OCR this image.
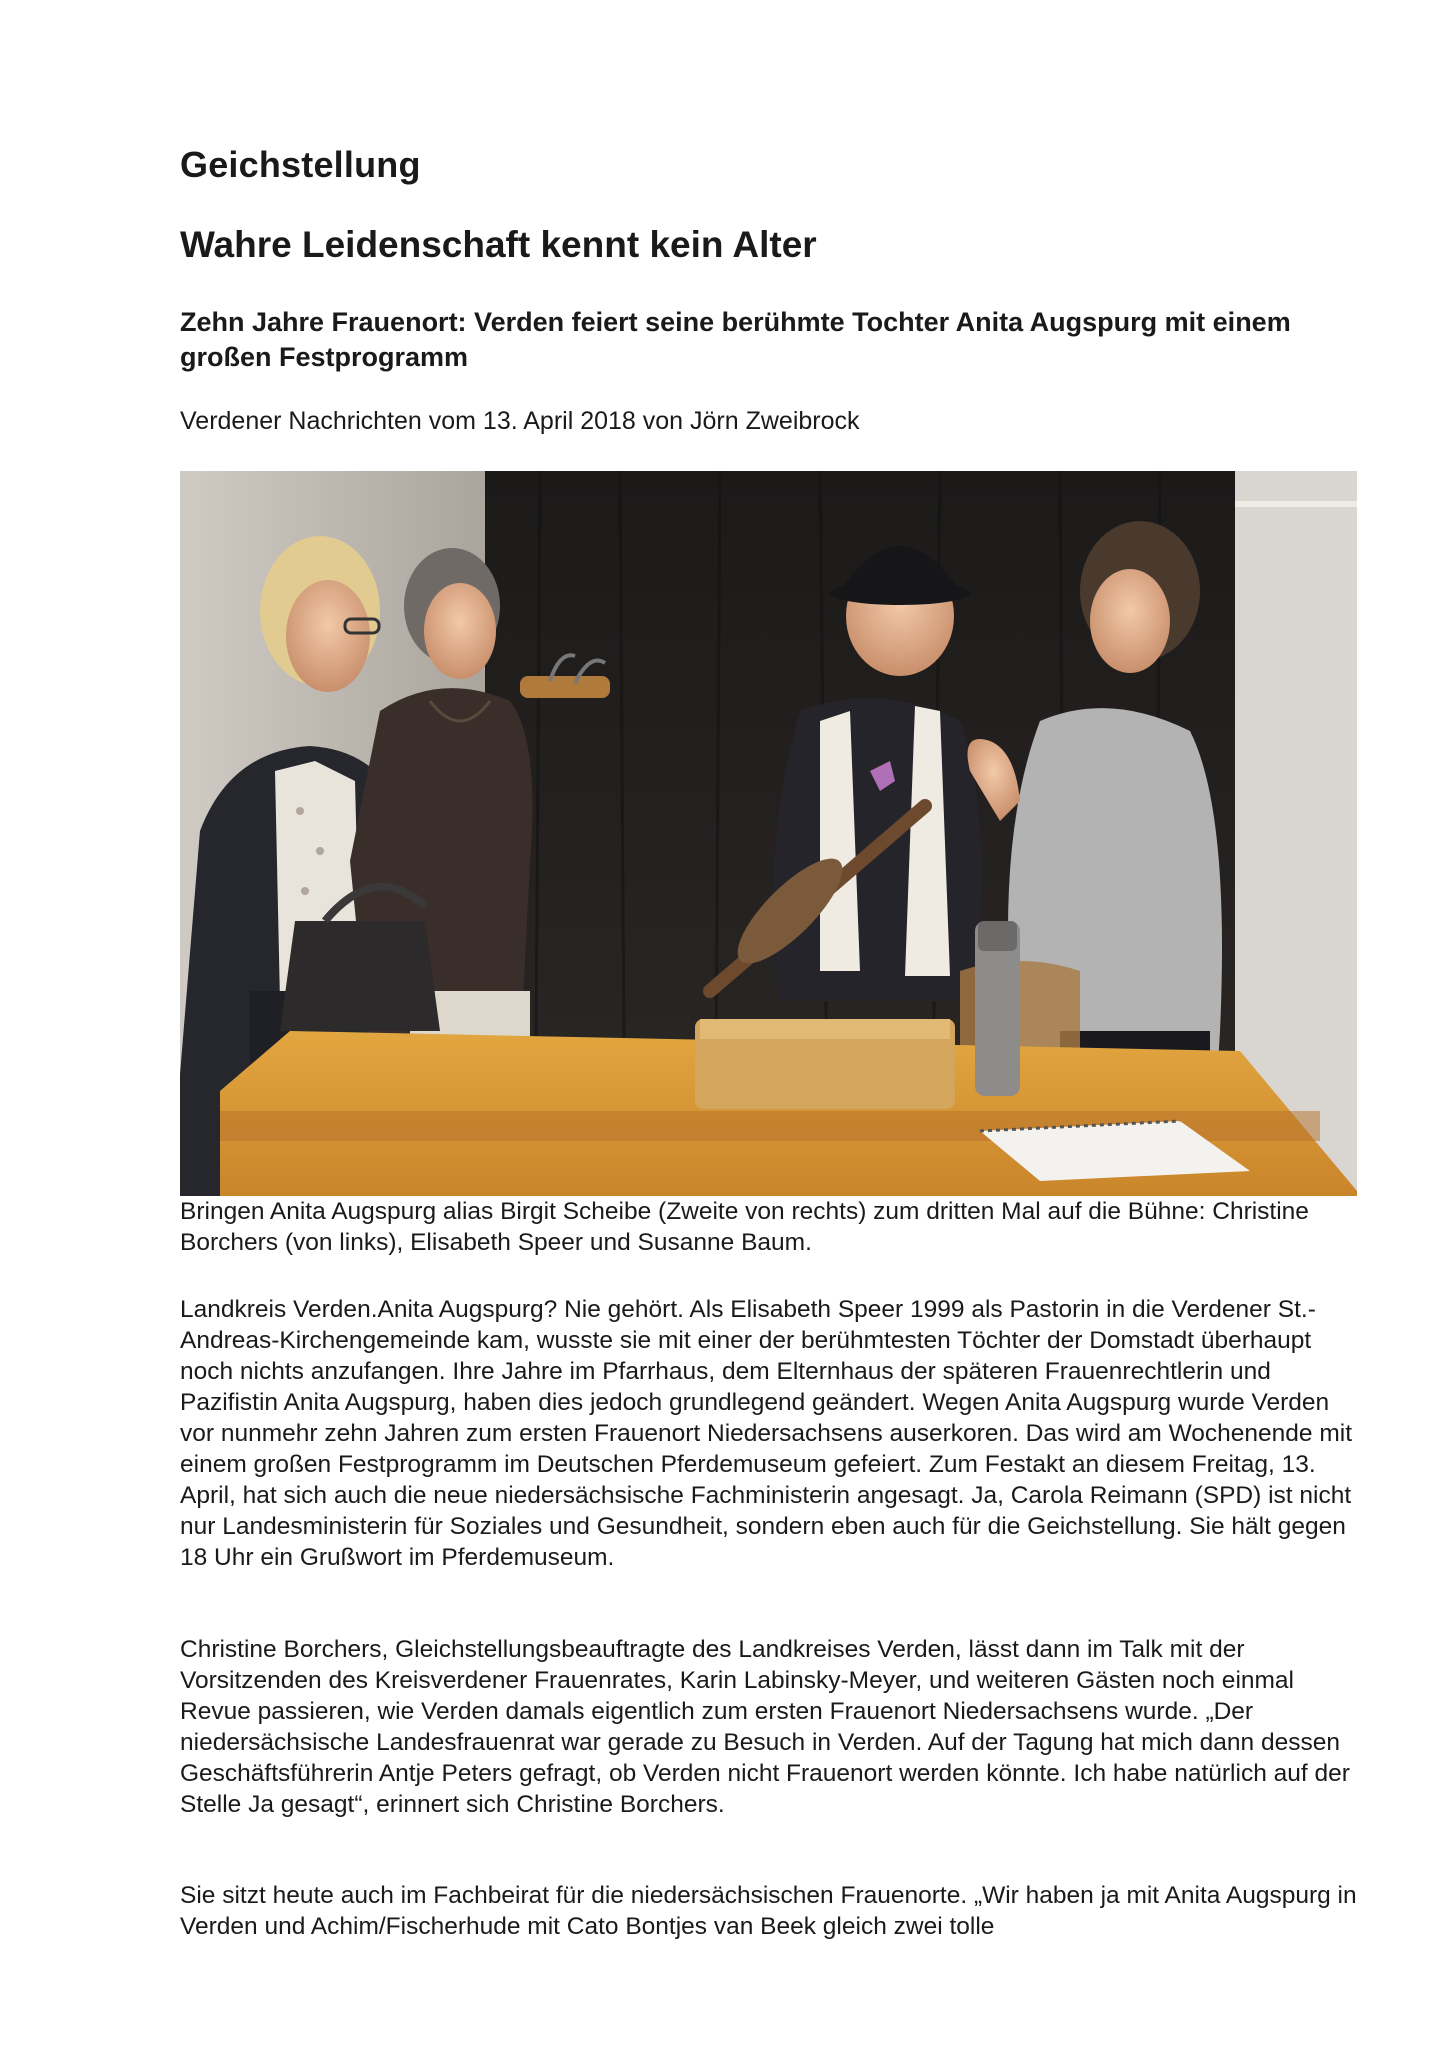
Geichstellung
Wahre Leidenschaft kennt kein Alter
Zehn Jahre Frauenort: Verden feiert seine berühmte Tochter Anita Augspurg mit einem großen Festprogramm

Verdener Nachrichten vom 13. April 2018 von Jörn Zweibrock

Bringen Anita Augspurg alias Birgit Scheibe (Zweite von rechts) zum dritten Mal auf die Bühne: Christine Borchers (von links), Elisabeth Speer und Susanne Baum.

Landkreis Verden.Anita Augspurg? Nie gehört. Als Elisabeth Speer 1999 als Pastorin in die Verdener St.-Andreas-Kirchengemeinde kam, wusste sie mit einer der berühmtesten Töchter der Domstadt überhaupt noch nichts anzufangen. Ihre Jahre im Pfarrhaus, dem Elternhaus der späteren Frauenrechtlerin und Pazifistin Anita Augspurg, haben dies jedoch grundlegend geändert. Wegen Anita Augspurg wurde Verden vor nunmehr zehn Jahren zum ersten Frauenort Niedersachsens auserkoren. Das wird am Wochenende mit einem großen Festprogramm im Deutschen Pferdemuseum gefeiert. Zum Festakt an diesem Freitag, 13. April, hat sich auch die neue niedersächsische Fachministerin angesagt. Ja, Carola Reimann (SPD) ist nicht nur Landesministerin für Soziales und Gesundheit, sondern eben auch für die Geichstellung. Sie hält gegen 18 Uhr ein Grußwort im Pferdemuseum.

Christine Borchers, Gleichstellungsbeauftragte des Landkreises Verden, lässt dann im Talk mit der Vorsitzenden des Kreisverdener Frauenrates, Karin Labinsky-Meyer, und weiteren Gästen noch einmal Revue passieren, wie Verden damals eigentlich zum ersten Frauenort Niedersachsens wurde. „Der niedersächsische Landesfrauenrat war gerade zu Besuch in Verden. Auf der Tagung hat mich dann dessen Geschäftsführerin Antje Peters gefragt, ob Verden nicht Frauenort werden könnte. Ich habe natürlich auf der Stelle Ja gesagt“, erinnert sich Christine Borchers.

Sie sitzt heute auch im Fachbeirat für die niedersächsischen Frauenorte. „Wir haben ja mit Anita Augspurg in Verden und Achim/Fischerhude mit Cato Bontjes van Beek gleich zwei tolle
